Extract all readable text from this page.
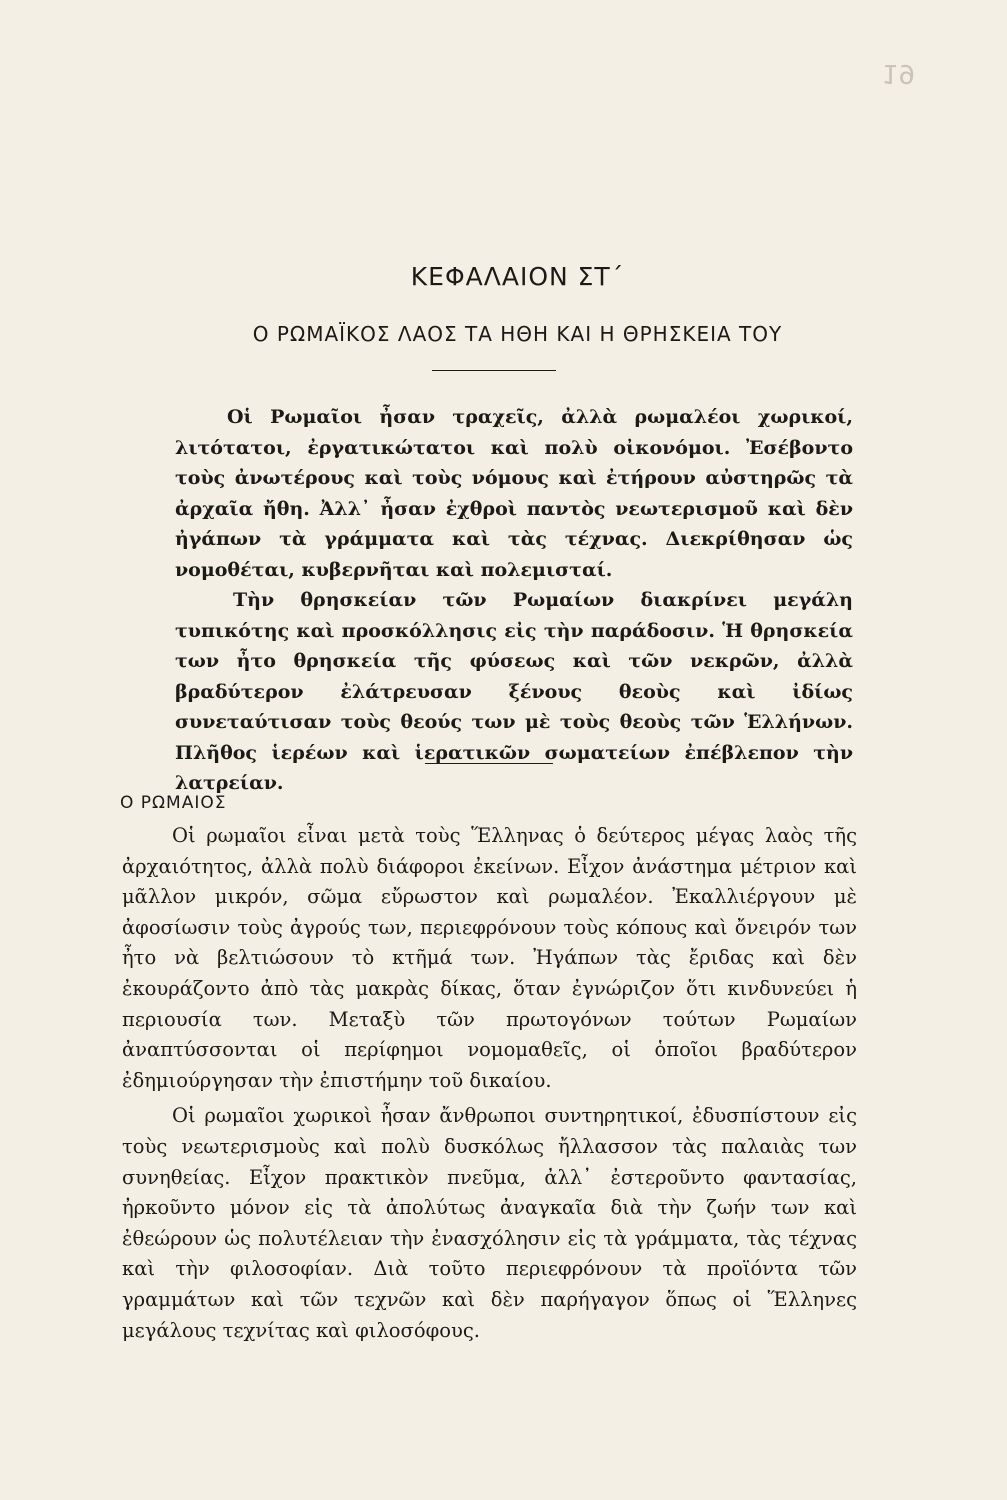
19
ΚΕΦΑΛΑΙΟΝ ΣΤ΄
Ο ΡΩΜΑΪΚΟΣ ΛΑΟΣ ΤΑ ΗΘΗ ΚΑΙ Η ΘΡΗΣΚΕΙΑ ΤΟΥ

Οἱ Ρωμαῖοι ἦσαν τραχεῖς, ἀλλὰ ρωμαλέοι χωρικοί, λιτότατοι, ἐργατικώτατοι καὶ πολὺ οἰκονόμοι. Ἐσέβοντο τοὺς ἀνωτέρους καὶ τοὺς νόμους καὶ ἐτήρουν αὐστηρῶς τὰ ἀρχαῖα ἤθη. Ἀλλ᾿ ἦσαν ἐχθροὶ παντὸς νεωτερισμοῦ καὶ δὲν ἠγάπων τὰ γράμματα καὶ τὰς τέχνας. Διεκρίθησαν ὡς νομοθέται, κυβερνῆται καὶ πολεμισταί.

Τὴν θρησκείαν τῶν Ρωμαίων διακρίνει μεγάλη τυπικότης καὶ προσκόλλησις εἰς τὴν παράδοσιν. Ἡ θρησκεία των ἦτο θρησκεία τῆς φύσεως καὶ τῶν νεκρῶν, ἀλλὰ βραδύτερον ἐλάτρευσαν ξένους θεοὺς καὶ ἰδίως συνεταύτισαν τοὺς θεούς των μὲ τοὺς θεοὺς τῶν Ἑλλήνων. Πλῆθος ἱερέων καὶ ἱερατικῶν σωματείων ἐπέβλεπον τὴν λατρείαν.

Ο ΡΩΜΑΙΟΣ

Οἱ ρωμαῖοι εἶναι μετὰ τοὺς Ἕλληνας ὁ δεύτερος μέγας λαὸς τῆς ἀρχαιότητος, ἀλλὰ πολὺ διάφοροι ἐκείνων. Εἶχον ἀνάστημα μέτριον καὶ μᾶλλον μικρόν, σῶμα εὔρωστον καὶ ρωμαλέον. Ἐκαλλιέργουν μὲ ἀφοσίωσιν τοὺς ἀγρούς των, περιεφρόνουν τοὺς κόπους καὶ ὄνειρόν των ἦτο νὰ βελτιώσουν τὸ κτῆμά των. Ἠγάπων τὰς ἔριδας καὶ δὲν ἐκουράζοντο ἀπὸ τὰς μακρὰς δίκας, ὅταν ἐγνώριζον ὅτι κινδυνεύει ἡ περιουσία των. Μεταξὺ τῶν πρωτογόνων τούτων Ρωμαίων ἀναπτύσσονται οἱ περίφημοι νομομαθεῖς, οἱ ὁποῖοι βραδύτερον ἐδημιούργησαν τὴν ἐπιστήμην τοῦ δικαίου.

Οἱ ρωμαῖοι χωρικοὶ ἦσαν ἄνθρωποι συντηρητικοί, ἐδυσπίστουν εἰς τοὺς νεωτερισμοὺς καὶ πολὺ δυσκόλως ἤλλασσον τὰς παλαιὰς των συνηθείας. Εἶχον πρακτικὸν πνεῦμα, ἀλλ᾿ ἐστεροῦντο φαντασίας, ἠρκοῦντο μόνον εἰς τὰ ἀπολύτως ἀναγκαῖα διὰ τὴν ζωήν των καὶ ἐθεώρουν ὡς πολυτέλειαν τὴν ἐνασχόλησιν εἰς τὰ γράμματα, τὰς τέχνας καὶ τὴν φιλοσοφίαν. Διὰ τοῦτο περιεφρόνουν τὰ προϊόντα τῶν γραμμάτων καὶ τῶν τεχνῶν καὶ δὲν παρήγαγον ὅπως οἱ Ἕλληνες μεγάλους τεχνίτας καὶ φιλοσόφους.
